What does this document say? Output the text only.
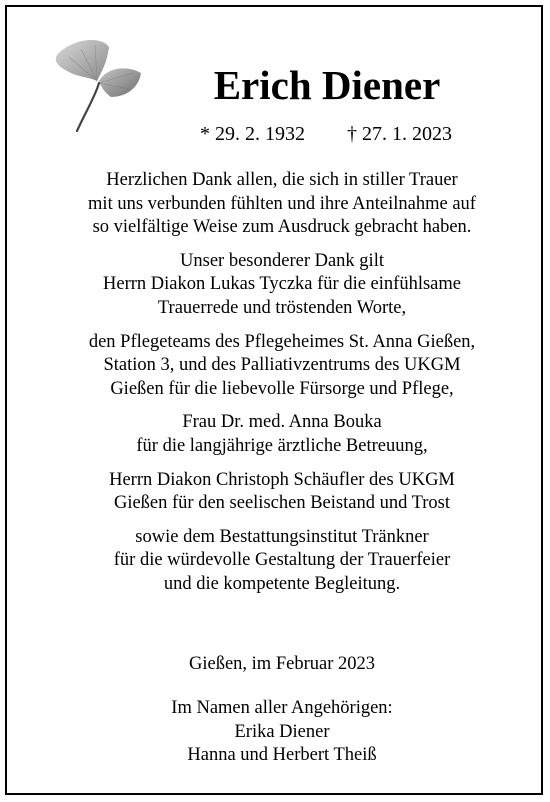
Erich Diener
* 29. 2. 1932 † 27. 1. 2023

Herzlichen Dank allen, die sich in stiller Trauer
mit uns verbunden fühlten und ihre Anteilnahme auf
so vielfältige Weise zum Ausdruck gebracht haben.

Unser besonderer Dank gilt

Herrn Diakon Lukas Tyczka für die einfühlsame
Trauerrede und tröstenden Worte,

den Pflegeteams des Pflegeheimes St. Anna Gießen,
Station 3, und des Palliativzentrums des UKGM
Gießen für die liebevolle Fürsorge und Pflege,

Frau Dr. med. Anna Bouka
für die langjährige ärztliche Betreuung,

Herrn Diakon Christoph Schäufler des UKGM
Gießen für den seelischen Beistand und Trost

sowie dem Bestattungsinstitut Tränkner
für die würdevolle Gestaltung der Trauerfeier
und die kompetente Begleitung.

Gießen, im Februar 2023
Im Namen aller Angehörigen:
Erika Diener
Hanna und Herbert Theiß
